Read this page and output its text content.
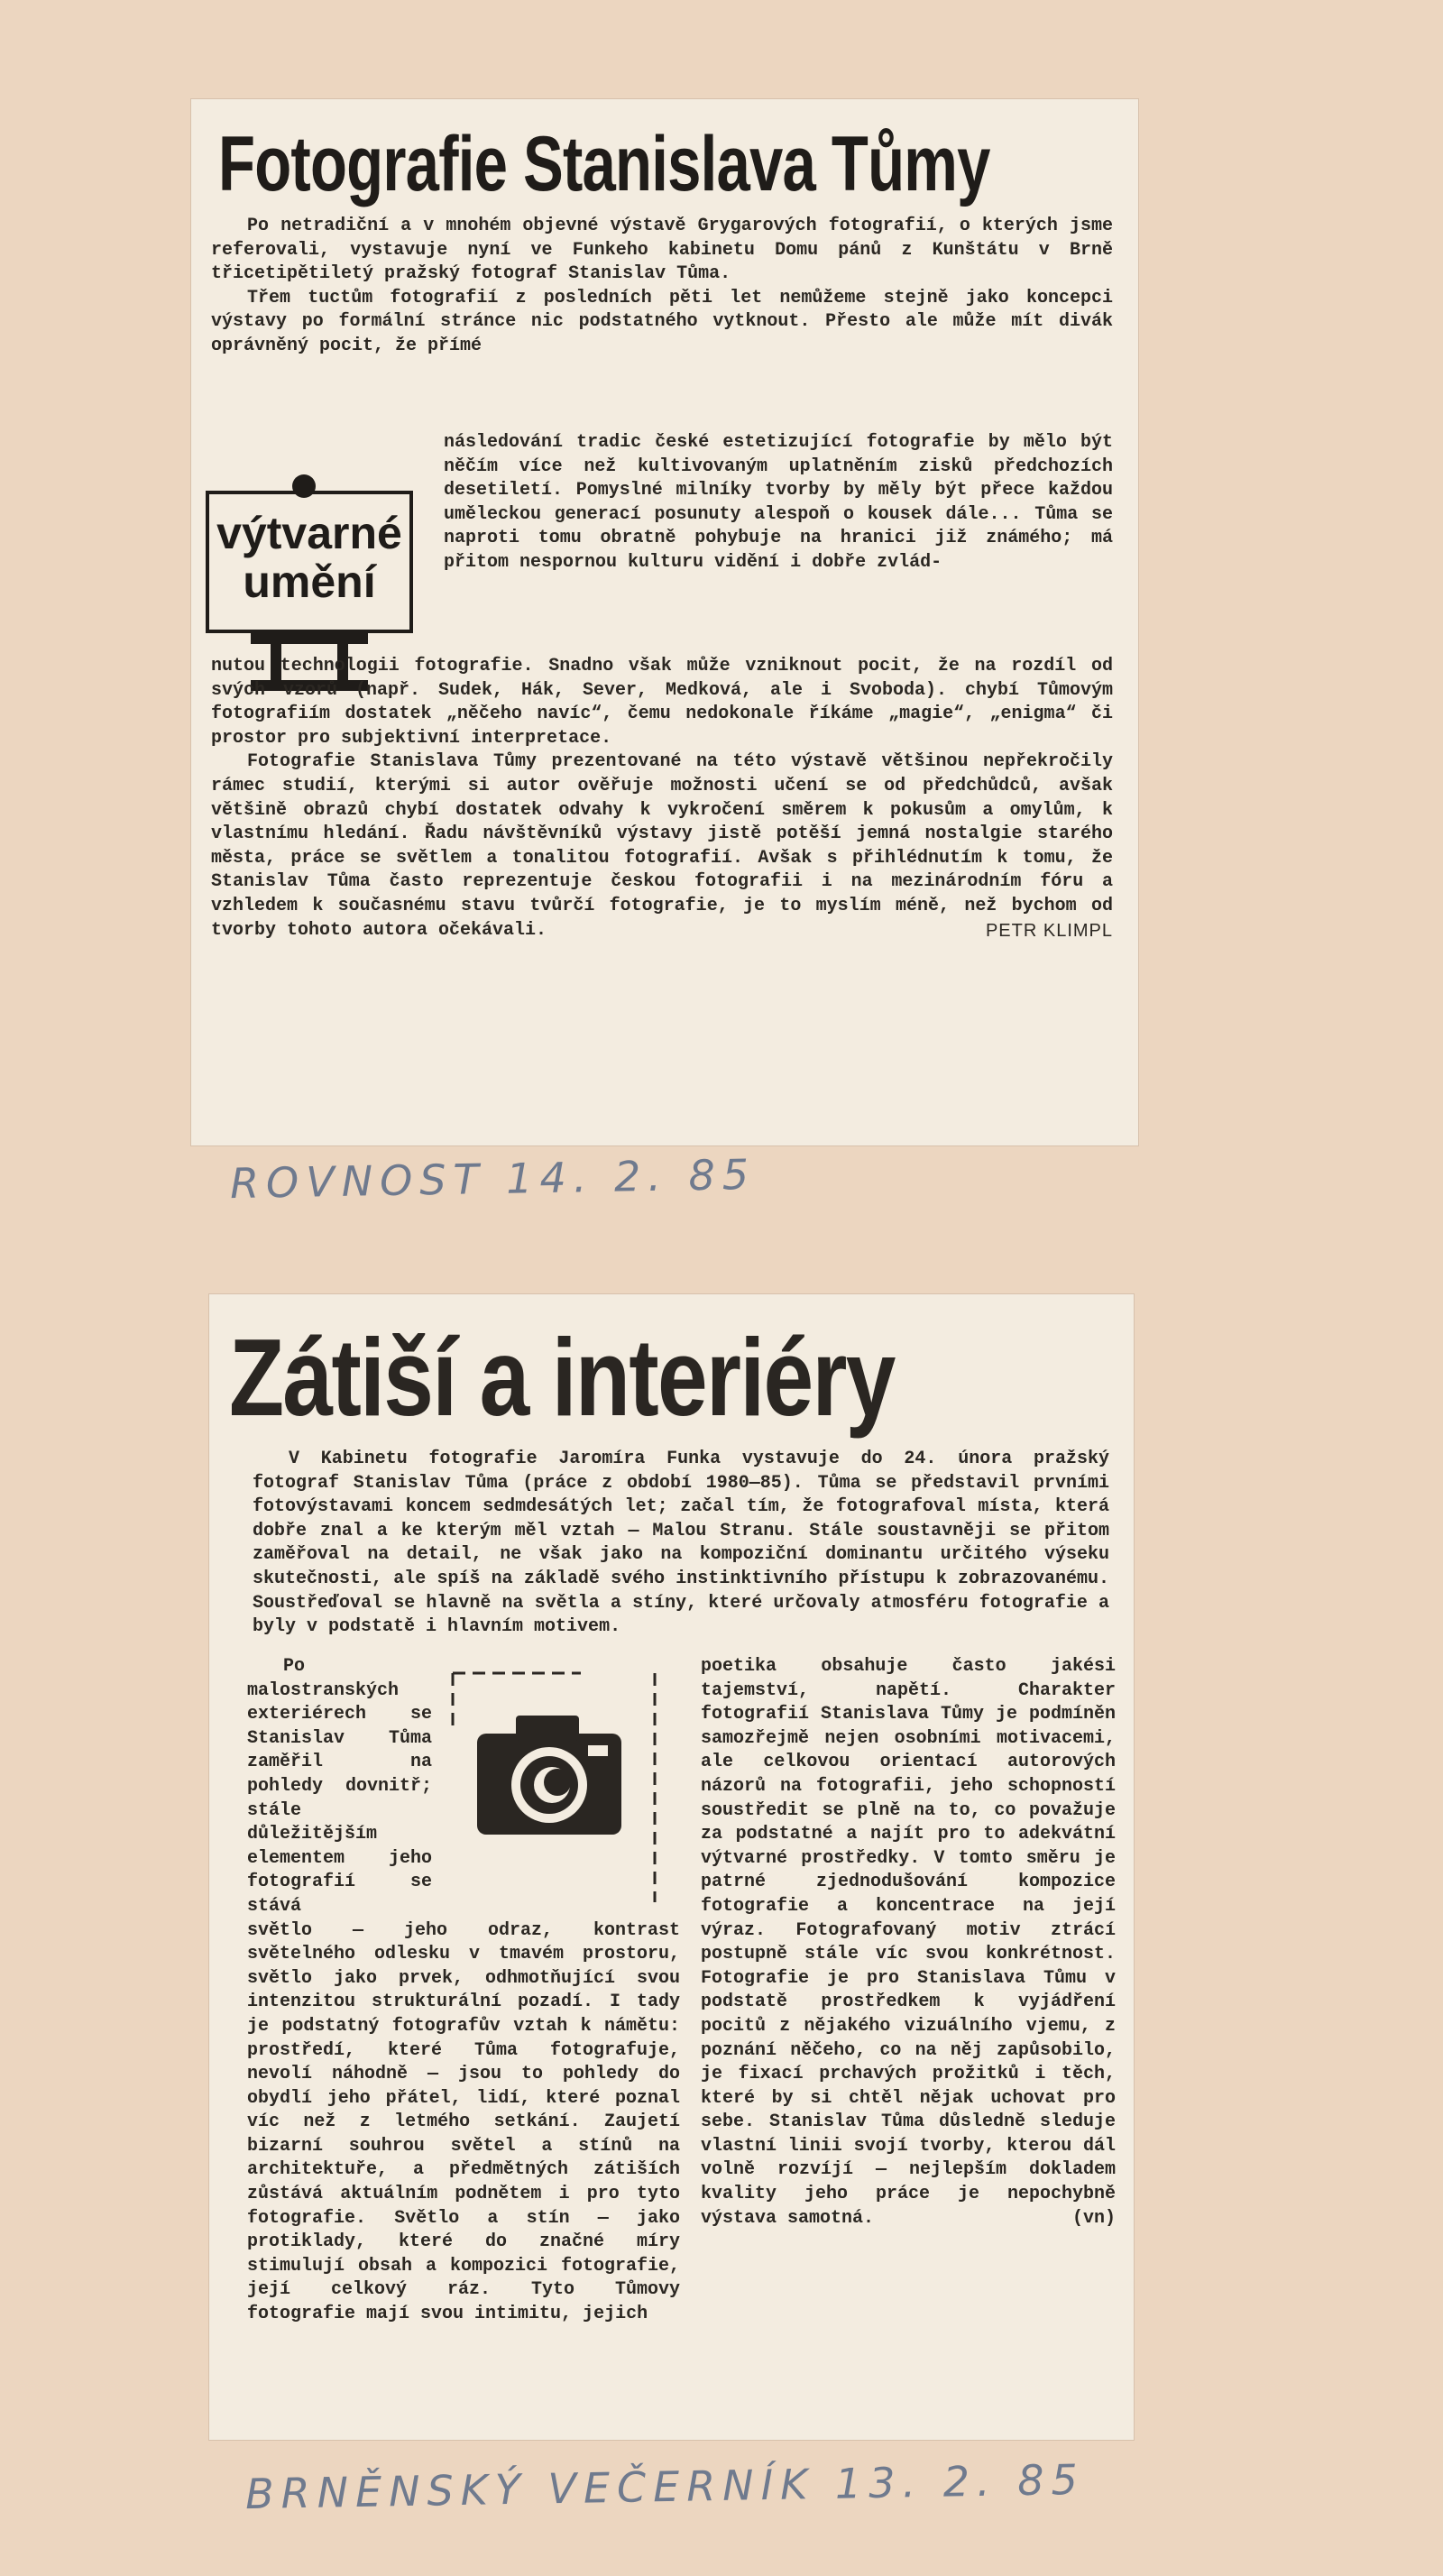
Fotografie Stanislava Tůmy

Po netradiční a v mnohém objevné výstavě Grygarových fotografií, o kterých jsme referovali, vystavuje nyní ve Funkeho kabinetu Domu pánů z Kunštátu v Brně třicetipětiletý pražský fotograf Stanislav Tůma.

Třem tuctům fotografií z posledních pěti let nemůžeme stejně jako koncepci výstavy po formální stránce nic podstatného vytknout. Přesto ale může mít divák oprávněný pocit, že přímé

výtvarné
umění

následování tradic české estetizující fotografie by mělo být něčím více než kultivovaným uplatněním zisků předchozích desetiletí. Pomyslné milníky tvorby by měly být přece každou uměleckou generací posunuty alespoň o kousek dále... Tůma se naproti tomu obratně pohybuje na hranici již známého; má přitom nespornou kulturu vidění i dobře zvlád-

nutou technologii fotografie. Snadno však může vzniknout pocit, že na rozdíl od svých vzorů (např. Sudek, Hák, Sever, Medková, ale i Svoboda). chybí Tůmovým fotografiím dostatek „něčeho navíc“, čemu nedokonale říkáme „magie“, „enigma“ či prostor pro subjektivní interpretace.

Fotografie Stanislava Tůmy prezentované na této výstavě většinou nepřekročily rámec studií, kterými si autor ověřuje možnosti učení se od předchůdců, avšak většině obrazů chybí dostatek odvahy k vykročení směrem k pokusům a omylům, k vlastnímu hledání. Řadu návštěvníků výstavy jistě potěší jemná nostalgie starého města, práce se světlem a tonalitou fotografií. Avšak s přihlédnutím k tomu, že Stanislav Tůma často reprezentuje českou fotografii i na mezinárodním fóru a vzhledem k současnému stavu tvůrčí fotografie, je to myslím méně, než bychom od tvorby tohoto autora očekávali.	PETR KLIMPL

ROVNOST 14. 2. 85
Zátiší a interiéry

V Kabinetu fotografie Jaromíra Funka vystavuje do 24. února pražský fotograf Stanislav Tůma (práce z období 1980—85). Tůma se představil prvními fotovýstavami koncem sedmdesátých let; začal tím, že fotografoval místa, která dobře znal a ke kterým měl vztah — Malou Stranu. Stále soustavněji se přitom zaměřoval na detail, ne však jako na kompoziční dominantu určitého výseku skutečnosti, ale spíš na základě svého instinktivního přístupu k zobrazovanému. Soustřeďoval se hlavně na světla a stíny, které určovaly atmosféru fotografie a byly v podstatě i hlavním motivem.

Po malostranských exteriérech se Stanislav Tůma zaměřil na pohledy dovnitř; stále důležitějším elementem jeho fotografií se stává

světlo — jeho odraz, kontrast světelného odlesku v tmavém prostoru, světlo jako prvek, odhmotňující svou intenzitou strukturální pozadí. I tady je podstatný fotografův vztah k námětu: prostředí, které Tůma fotografuje, nevolí náhodně — jsou to pohledy do obydlí jeho přátel, lidí, které poznal víc než z letmého setkání. Zaujetí bizarní souhrou světel a stínů na architektuře, a předmětných zátiších zůstává aktuálním podnětem i pro tyto fotografie. Světlo a stín — jako protiklady, které do značné míry stimulují obsah a kompozici fotografie, její celkový ráz. Tyto Tůmovy fotografie mají svou intimitu, jejich

poetika obsahuje často jakési tajemství, napětí. Charakter fotografií Stanislava Tůmy je podmíněn samozřejmě nejen osobními motivacemi, ale celkovou orientací autorových názorů na fotografii, jeho schopností soustředit se plně na to, co považuje za podstatné a najít pro to adekvátní výtvarné prostředky. V tomto směru je patrné zjednodušování kompozice fotografie a koncentrace na její výraz. Fotografovaný motiv ztrácí postupně stále víc svou konkrétnost. Fotografie je pro Stanislava Tůmu v podstatě prostředkem k vyjádření pocitů z nějakého vizuálního vjemu, z poznání něčeho, co na něj zapůsobilo, je fixací prchavých prožitků i těch, které by si chtěl nějak uchovat pro sebe. Stanislav Tůma důsledně sleduje vlastní linii svojí tvorby, kterou dál volně rozvíjí — nejlepším dokladem kvality jeho práce je nepochybně výstava samotná.	(vn)

BRNĚNSKÝ VEČERNÍK 13. 2. 85
